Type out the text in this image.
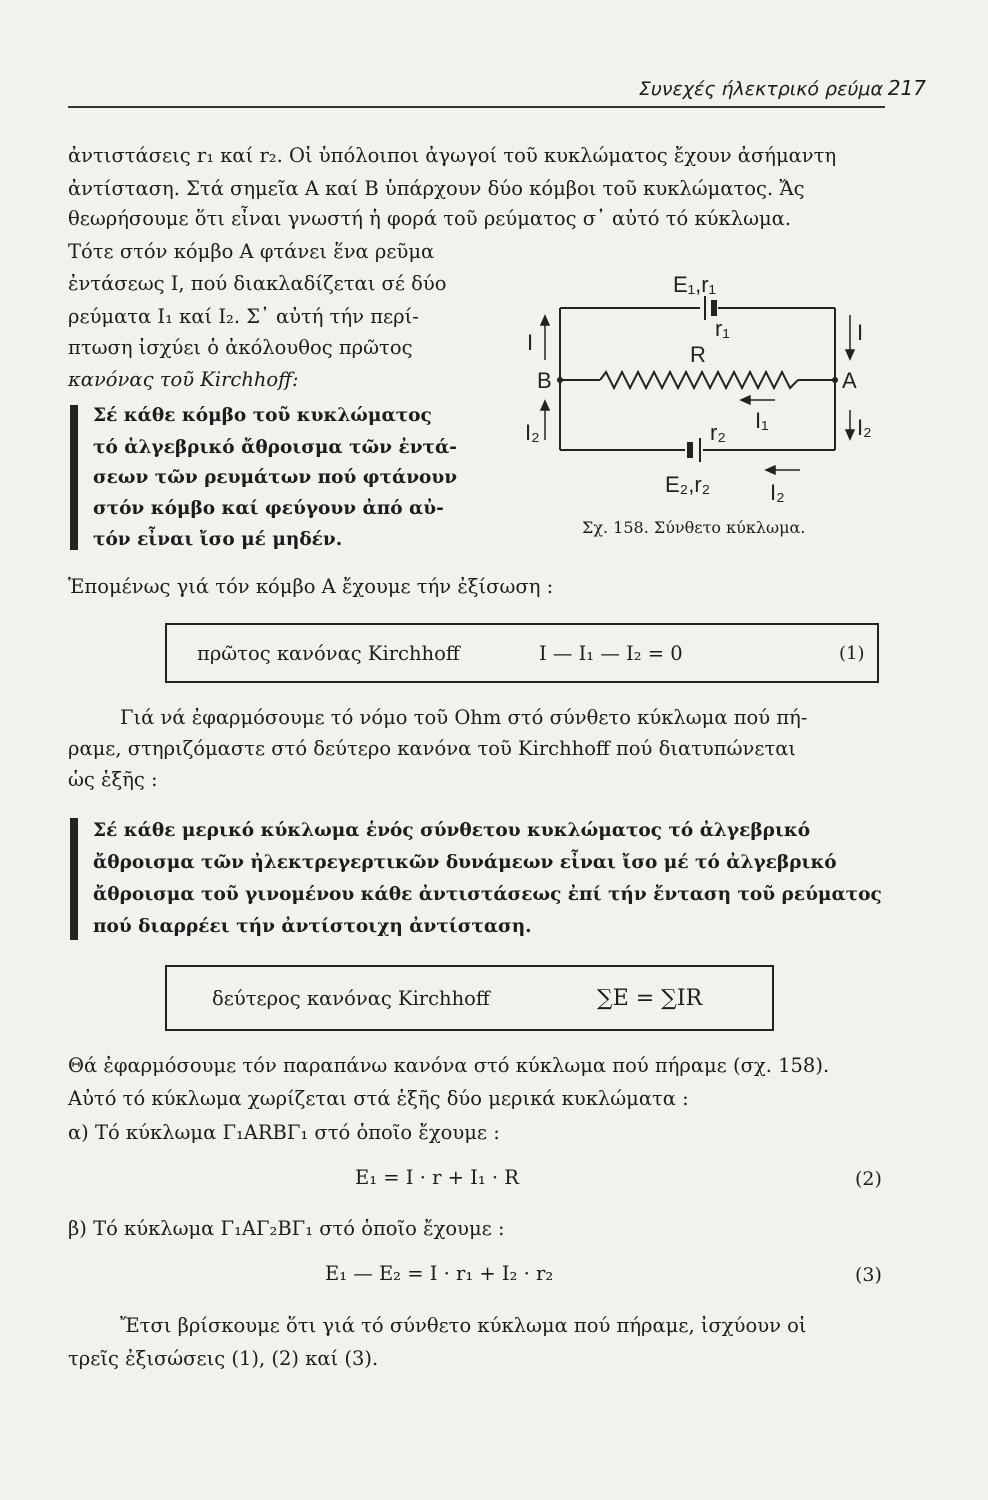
Συνεχές ήλεκτρικό ρεύμα 217
ἀντιστάσεις r₁ καί r₂. Οἱ ὑπόλοιποι ἀγωγοί τοῦ κυκλώματος ἔχουν ἀσήμαντη
ἀντίσταση. Στά σημεῖα Α καί Β ὑπάρχουν δύο κόμβοι τοῦ κυκλώματος. Ἄς
θεωρήσουμε ὅτι εἶναι γνωστή ἡ φορά τοῦ ρεύματος σ᾽ αὐτό τό κύκλωμα.
Τότε στόν κόμβο Α φτάνει ἕνα ρεῦμα
ἐντάσεως Ι, πού διακλαδίζεται σέ δύο
ρεύματα Ι₁ καί Ι₂. Σ᾽ αὐτή τήν περί-
πτωση ἰσχύει ὁ ἀκόλουθος πρῶτος
κανόνας τοῦ Kirchhoff:
Σέ κάθε κόμβο τοῦ κυκλώματος
τό ἀλγεβρικό ἄθροισμα τῶν ἐντά-
σεων τῶν ρευμάτων πού φτάνουν
στόν κόμβο καί φεύγουν ἀπό αὐ-
τόν εἶναι ἴσο μέ μηδέν.
E₁,r₁
r₁
R
B	A
I	I
I₂	I₂
I₁
r₂
E₂,r₂	I₂
Σχ. 158. Σύνθετο κύκλωμα.
Ἑπομένως γιά τόν κόμβο Α ἔχουμε τήν ἐξίσωση :
πρῶτος κανόνας Kirchhoff	I — I₁ — I₂ = 0	(1)
Γιά νά ἐφαρμόσουμε τό νόμο τοῦ Ohm στό σύνθετο κύκλωμα πού πή-
ραμε, στηριζόμαστε στό δεύτερο κανόνα τοῦ Kirchhoff πού διατυπώνεται
ὡς ἑξῆς :
Σέ κάθε μερικό κύκλωμα ἑνός σύνθετου κυκλώματος τό ἀλγεβρικό
ἄθροισμα τῶν ἠλεκτρεγερτικῶν δυνάμεων εἶναι ἴσο μέ τό ἀλγεβρικό
ἄθροισμα τοῦ γινομένου κάθε ἀντιστάσεως ἐπί τήν ἔνταση τοῦ ρεύματος
πού διαρρέει τήν ἀντίστοιχη ἀντίσταση.
δεύτερος κανόνας Kirchhoff	∑E = ∑IR
Θά ἐφαρμόσουμε τόν παραπάνω κανόνα στό κύκλωμα πού πήραμε (σχ. 158).
Αὐτό τό κύκλωμα χωρίζεται στά ἑξῆς δύο μερικά κυκλώματα :
α) Τό κύκλωμα Γ₁ΑRΒΓ₁ στό ὁποῖο ἔχουμε :
E₁ = I · r + I₁ · R	(2)
β) Τό κύκλωμα Γ₁ΑΓ₂ΒΓ₁ στό ὁποῖο ἔχουμε :
E₁ — E₂ = I · r₁ + I₂ · r₂	(3)
Ἔτσι βρίσκουμε ὅτι γιά τό σύνθετο κύκλωμα πού πήραμε, ἰσχύουν οἱ
τρεῖς ἐξισώσεις (1), (2) καί (3).
